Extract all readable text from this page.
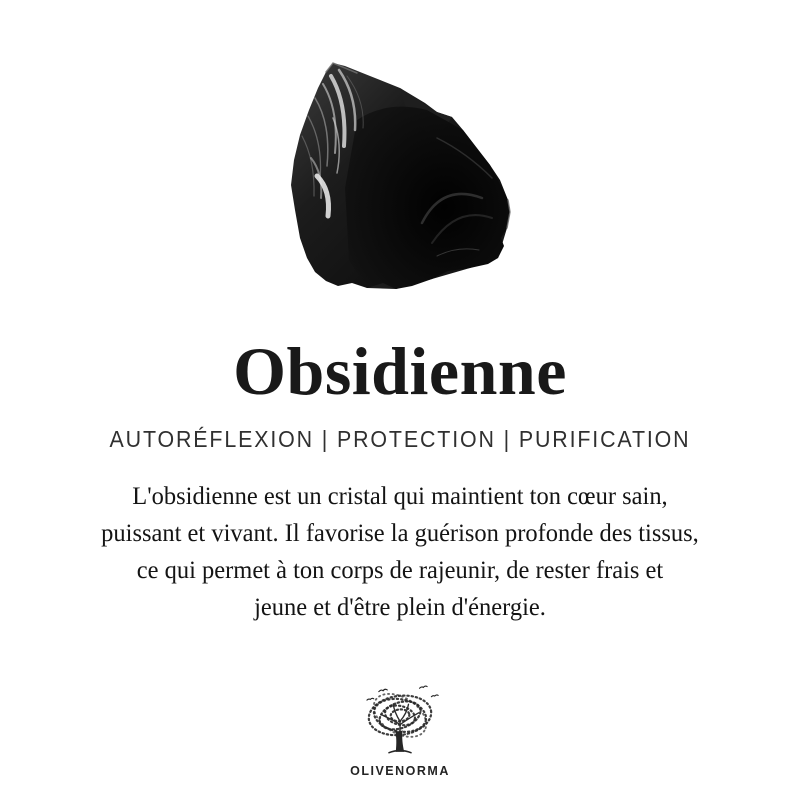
Obsidienne
AUTORÉFLEXION | PROTECTION | PURIFICATION
L'obsidienne est un cristal qui maintient ton cœur sain,
puissant et vivant. Il favorise la guérison profonde des tissus,
ce qui permet à ton corps de rajeunir, de rester frais et
jeune et d'être plein d'énergie.
OLIVENORMA
